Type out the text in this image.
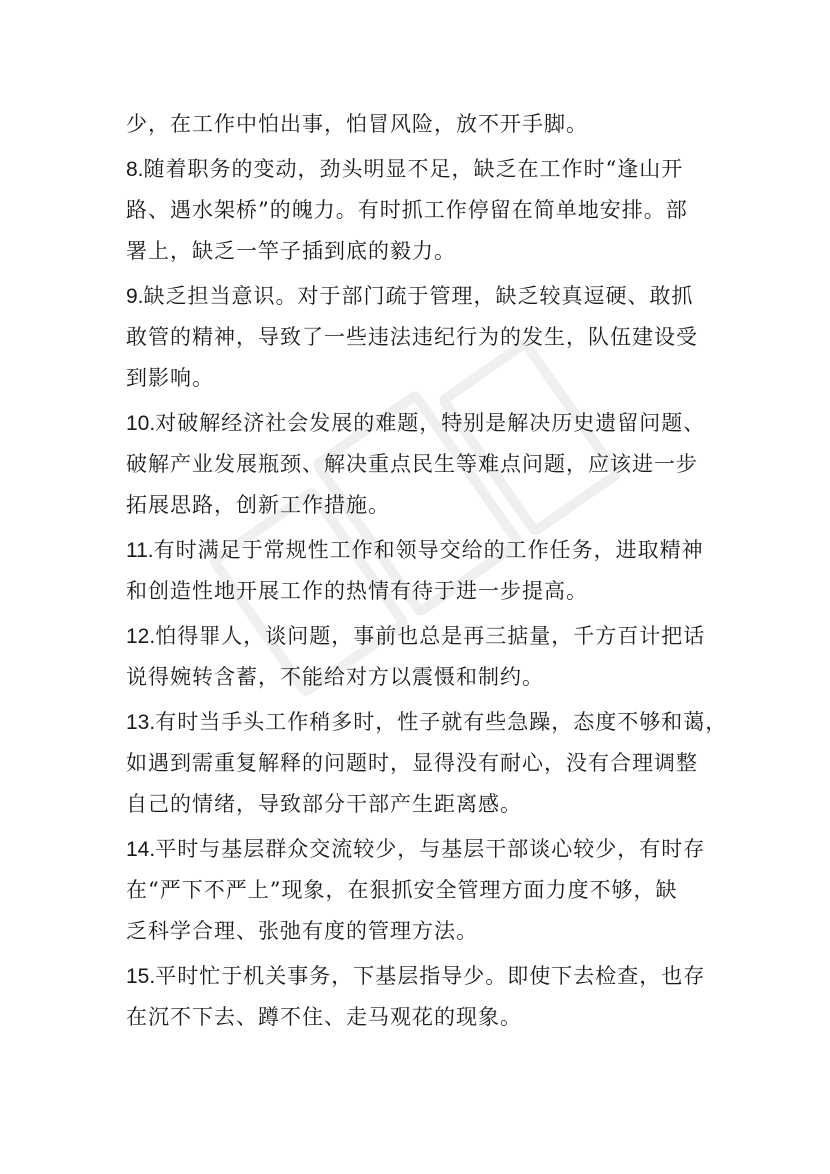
少，在工作中怕出事，怕冒风险，放不开手脚。
8.随着职务的变动，劲头明显不足，缺乏在工作时“逢山开
路、遇水架桥”的魄力。有时抓工作停留在简单地安排。部
署上，缺乏一竿子插到底的毅力。
9.缺乏担当意识。对于部门疏于管理，缺乏较真逗硬、敢抓
敢管的精神，导致了一些违法违纪行为的发生，队伍建设受
到影响。
10.对破解经济社会发展的难题，特别是解决历史遗留问题、
破解产业发展瓶颈、解决重点民生等难点问题，应该进一步
拓展思路，创新工作措施。
11.有时满足于常规性工作和领导交给的工作任务，进取精神
和创造性地开展工作的热情有待于进一步提高。
12.怕得罪人，谈问题，事前也总是再三掂量，千方百计把话
说得婉转含蓄，不能给对方以震慑和制约。
13.有时当手头工作稍多时，性子就有些急躁，态度不够和蔼，
如遇到需重复解释的问题时，显得没有耐心，没有合理调整
自己的情绪，导致部分干部产生距离感。
14.平时与基层群众交流较少，与基层干部谈心较少，有时存
在“严下不严上”现象，在狠抓安全管理方面力度不够，缺
乏科学合理、张弛有度的管理方法。
15.平时忙于机关事务，下基层指导少。即使下去检查，也存
在沉不下去、蹲不住、走马观花的现象。
